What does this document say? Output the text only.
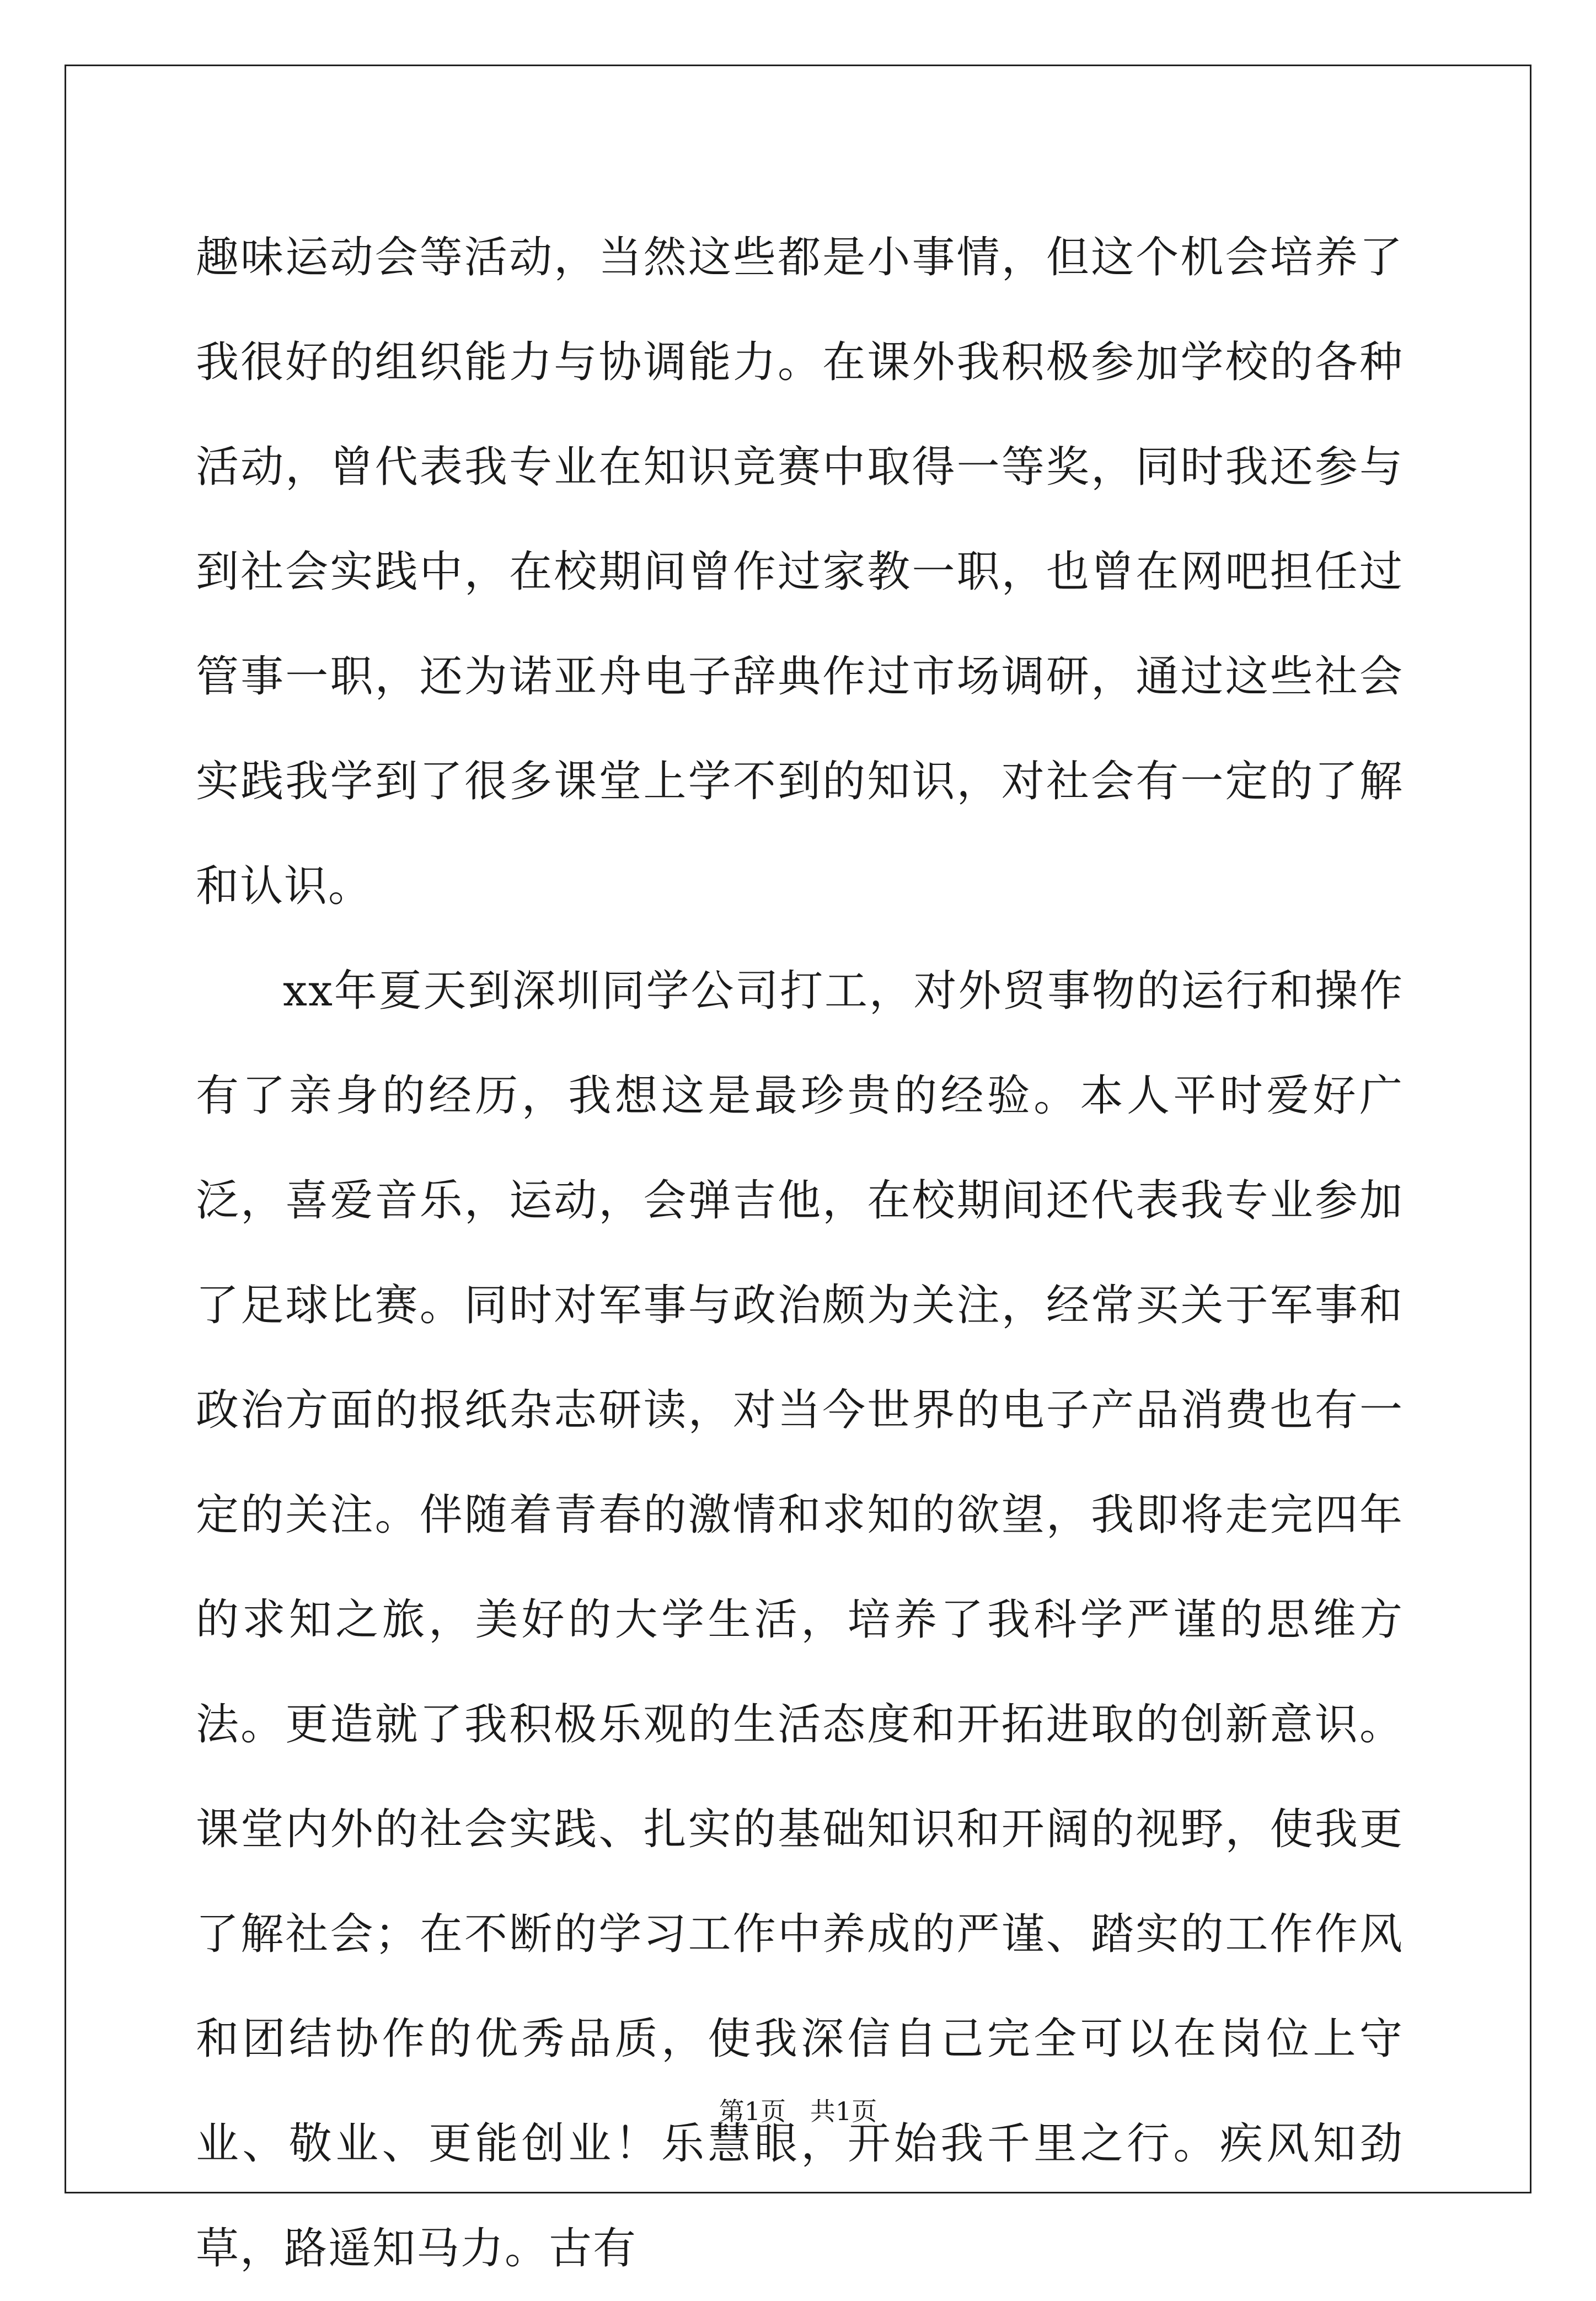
趣味运动会等活动，当然这些都是小事情，但这个机会培养了我很好的组织能力与协调能力。在课外我积极参加学校的各种活动，曾代表我专业在知识竞赛中取得一等奖，同时我还参与到社会实践中，在校期间曾作过家教一职，也曾在网吧担任过管事一职，还为诺亚舟电子辞典作过市场调研，通过这些社会实践我学到了很多课堂上学不到的知识，对社会有一定的了解和认识。

xx年夏天到深圳同学公司打工，对外贸事物的运行和操作有了亲身的经历，我想这是最珍贵的经验。本人平时爱好广泛，喜爱音乐，运动，会弹吉他，在校期间还代表我专业参加了足球比赛。同时对军事与政治颇为关注，经常买关于军事和政治方面的报纸杂志研读，对当今世界的电子产品消费也有一定的关注。伴随着青春的激情和求知的欲望，我即将走完四年的求知之旅，美好的大学生活，培养了我科学严谨的思维方法。更造就了我积极乐观的生活态度和开拓进取的创新意识。课堂内外的社会实践、扎实的基础知识和开阔的视野，使我更了解社会；在不断的学习工作中养成的严谨、踏实的工作作风和团结协作的优秀品质，使我深信自己完全可以在岗位上守业、敬业、更能创业！乐慧眼，开始我千里之行。疾风知劲草，路遥知马力。古有

第1页   共1页
